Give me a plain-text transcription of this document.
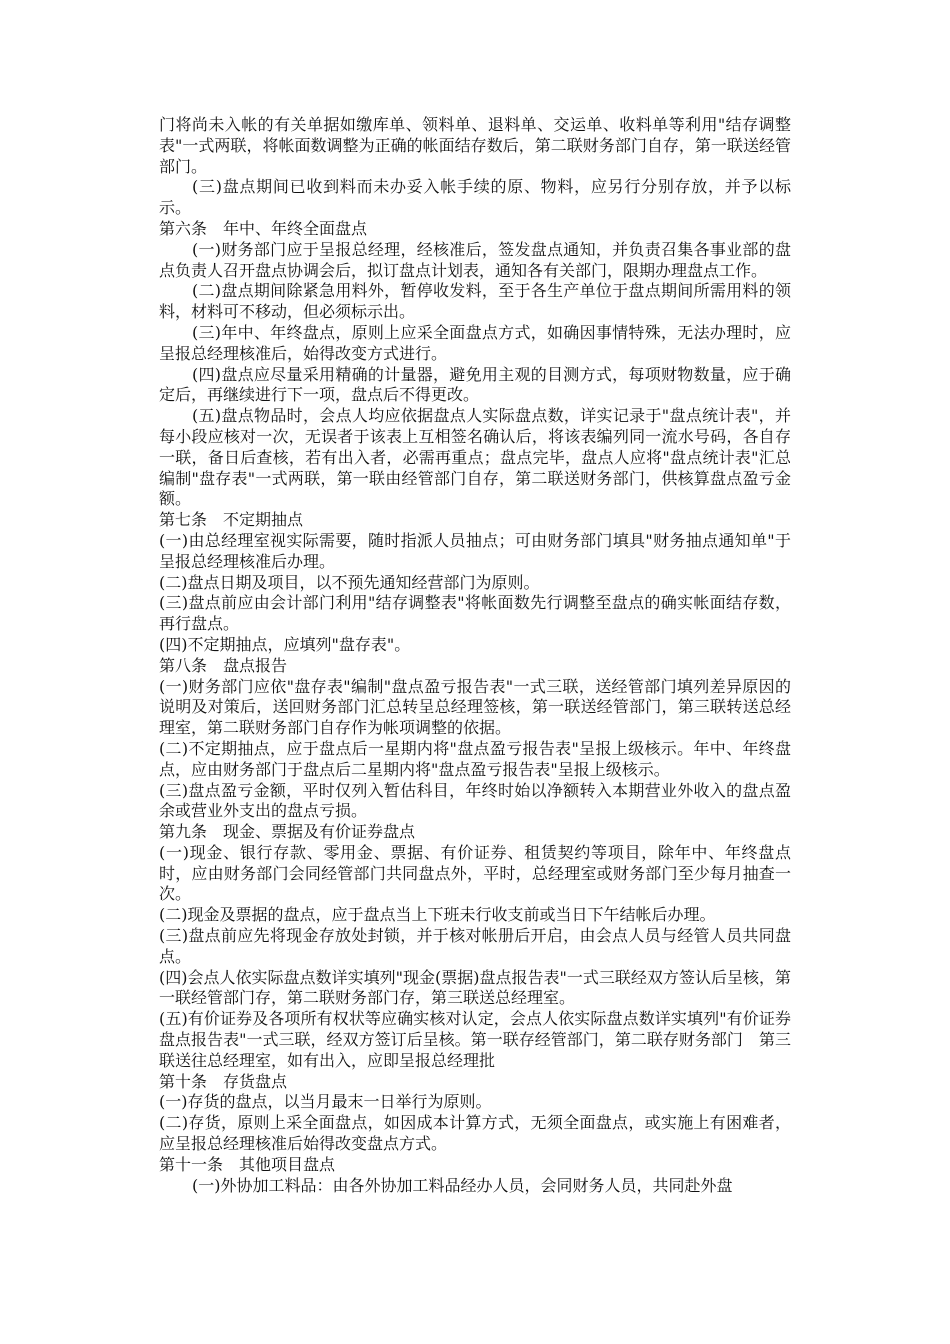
门将尚未入帐的有关单据如缴库单、领料单、退料单、交运单、收料单等利用"结存调整表"一式两联，将帐面数调整为正确的帐面结存数后，第二联财务部门自存，第一联送经管部门。

(三)盘点期间已收到料而未办妥入帐手续的原、物料，应另行分别存放，并予以标示。

第六条　年中、年终全面盘点

(一)财务部门应于呈报总经理，经核准后，签发盘点通知，并负责召集各事业部的盘点负责人召开盘点协调会后，拟订盘点计划表，通知各有关部门，限期办理盘点工作。

(二)盘点期间除紧急用料外，暂停收发料，至于各生产单位于盘点期间所需用料的领料，材料可不移动，但必须标示出。

(三)年中、年终盘点，原则上应采全面盘点方式，如确因事情特殊，无法办理时，应呈报总经理核准后，始得改变方式进行。

(四)盘点应尽量采用精确的计量器，避免用主观的目测方式，每项财物数量，应于确定后，再继续进行下一项，盘点后不得更改。

(五)盘点物品时，会点人均应依据盘点人实际盘点数，详实记录于"盘点统计表"，并每小段应核对一次，无误者于该表上互相签名确认后，将该表编列同一流水号码，各自存一联，备日后查核，若有出入者，必需再重点；盘点完毕，盘点人应将"盘点统计表"汇总编制"盘存表"一式两联，第一联由经管部门自存，第二联送财务部门，供核算盘点盈亏金额。

第七条　不定期抽点

(一)由总经理室视实际需要，随时指派人员抽点；可由财务部门填具"财务抽点通知单"于呈报总经理核准后办理。

(二)盘点日期及项目，以不预先通知经营部门为原则。

(三)盘点前应由会计部门利用"结存调整表"将帐面数先行调整至盘点的确实帐面结存数，再行盘点。

(四)不定期抽点，应填列"盘存表"。

第八条　盘点报告

(一)财务部门应依"盘存表"编制"盘点盈亏报告表"一式三联，送经管部门填列差异原因的说明及对策后，送回财务部门汇总转呈总经理签核，第一联送经管部门，第三联转送总经理室，第二联财务部门自存作为帐项调整的依据。

(二)不定期抽点，应于盘点后一星期内将"盘点盈亏报告表"呈报上级核示。年中、年终盘点，应由财务部门于盘点后二星期内将"盘点盈亏报告表"呈报上级核示。

(三)盘点盈亏金额，平时仅列入暂估科目，年终时始以净额转入本期营业外收入的盘点盈余或营业外支出的盘点亏损。

第九条　现金、票据及有价证券盘点

(一)现金、银行存款、零用金、票据、有价证券、租赁契约等项目，除年中、年终盘点时，应由财务部门会同经管部门共同盘点外，平时，总经理室或财务部门至少每月抽查一次。

(二)现金及票据的盘点，应于盘点当上下班未行收支前或当日下午结帐后办理。

(三)盘点前应先将现金存放处封锁，并于核对帐册后开启，由会点人员与经管人员共同盘点。

(四)会点人依实际盘点数详实填列"现金(票据)盘点报告表"一式三联经双方签认后呈核，第一联经管部门存，第二联财务部门存，第三联送总经理室。

(五)有价证券及各项所有权状等应确实核对认定，会点人依实际盘点数详实填列"有价证券盘点报告表"一式三联，经双方签订后呈核。第一联存经管部门，第二联存财务部门　第三联送往总经理室，如有出入，应即呈报总经理批

第十条　存货盘点

(一)存货的盘点，以当月最末一日举行为原则。

(二)存货，原则上采全面盘点，如因成本计算方式，无须全面盘点，或实施上有困难者，应呈报总经理核准后始得改变盘点方式。

第十一条　其他项目盘点

(一)外协加工料品：由各外协加工料品经办人员，会同财务人员，共同赴外盘
